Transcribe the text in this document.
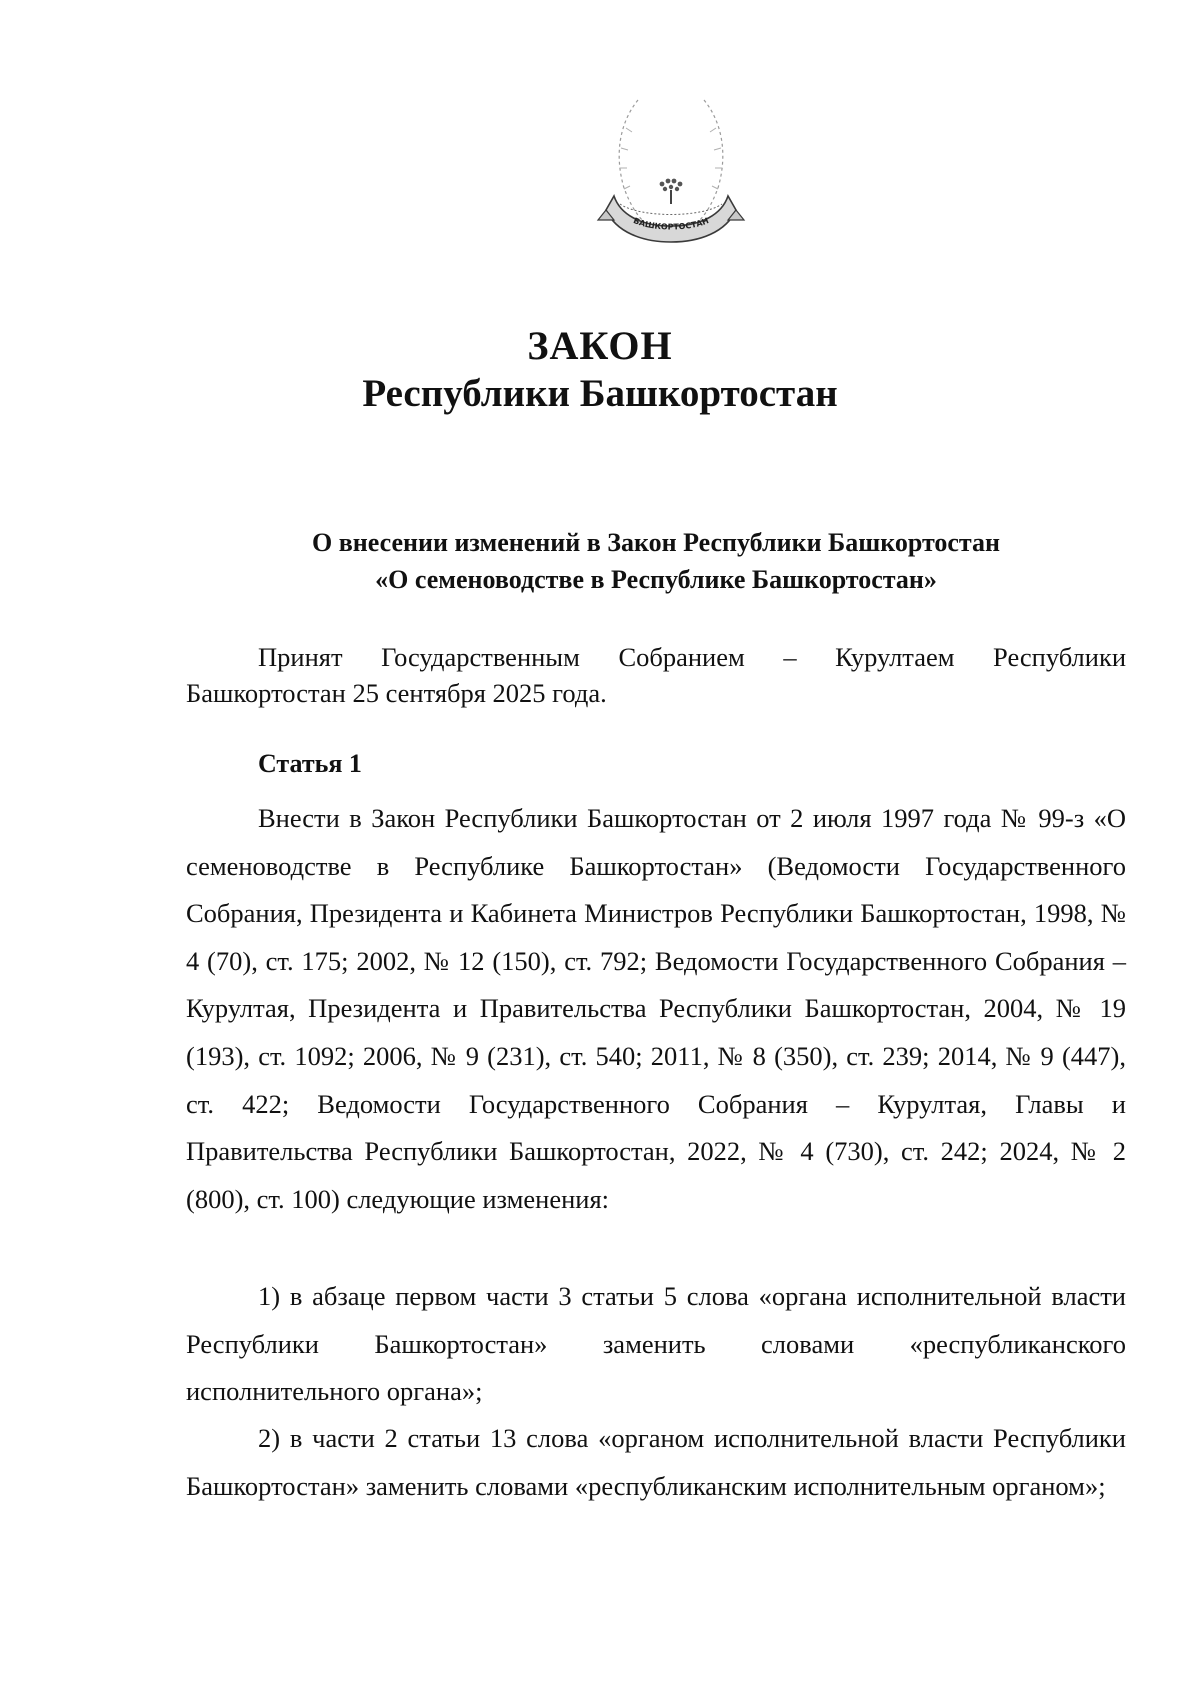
БАШКОРТОСТАН
ЗАКОН
Республики Башкортостан
О внесении изменений в Закон Республики Башкортостан
«О семеноводстве в Республике Башкортостан»

Принят Государственным Собранием – Курултаем Республики Башкортостан 25 сентября 2025 года.

Статья 1

Внести в Закон Республики Башкортостан от 2 июля 1997 года № 99-з «О семеноводстве в Республике Башкортостан» (Ведомости Государственного Собрания, Президента и Кабинета Министров Республики Башкортостан, 1998, № 4 (70), ст. 175; 2002, № 12 (150), ст. 792; Ведомости Государственного Собрания – Курултая, Президента и Правительства Республики Башкортостан, 2004, № 19 (193), ст. 1092; 2006, № 9 (231), ст. 540; 2011, № 8 (350), ст. 239; 2014, № 9 (447), ст. 422; Ведомости Государственного Собрания – Курултая, Главы и Правительства Республики Башкортостан, 2022, № 4 (730), ст. 242; 2024, № 2 (800), ст. 100) следующие изменения:

1) в абзаце первом части 3 статьи 5 слова «органа исполнительной власти Республики Башкортостан» заменить словами «республиканского исполнительного органа»;

2) в части 2 статьи 13 слова «органом исполнительной власти Республики Башкортостан» заменить словами «республиканским исполнительным органом»;
